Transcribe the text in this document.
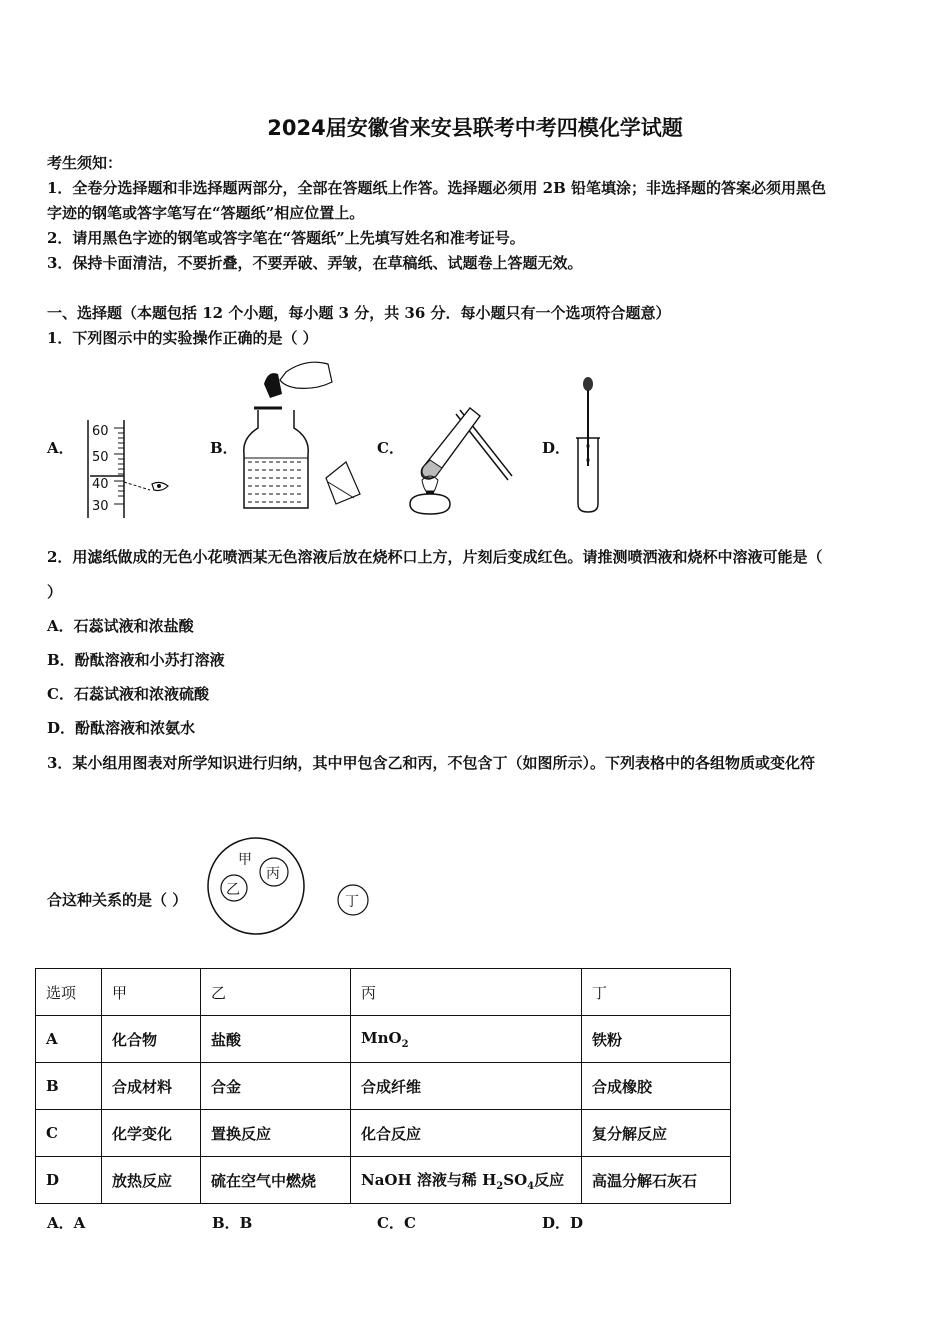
2024届安徽省来安县联考中考四模化学试题
考生须知：
1．全卷分选择题和非选择题两部分，全部在答题纸上作答。选择题必须用 2B 铅笔填涂；非选择题的答案必须用黑色
字迹的钢笔或答字笔写在“答题纸”相应位置上。
2．请用黑色字迹的钢笔或答字笔在“答题纸”上先填写姓名和准考证号。
3．保持卡面清洁，不要折叠，不要弄破、弄皱，在草稿纸、试题卷上答题无效。
一、选择题（本题包括 12 个小题，每小题 3 分，共 36 分．每小题只有一个选项符合题意）
1．下列图示中的实验操作正确的是（ ）
A．	B．	C．	D．
60
50
40
30
2．用滤纸做成的无色小花喷洒某无色溶液后放在烧杯口上方，片刻后变成红色。请推测喷洒液和烧杯中溶液可能是（
）
A．石蕊试液和浓盐酸
B．酚酞溶液和小苏打溶液
C．石蕊试液和浓液硫酸
D．酚酞溶液和浓氨水
3．某小组用图表对所学知识进行归纳，其中甲包含乙和丙，不包含丁（如图所示）。下列表格中的各组物质或变化符
合这种关系的是（ ）
甲
乙
丙
丁
选项	甲	乙	丙	丁
A	化合物	盐酸	MnO$_2$	铁粉
B	合成材料	合金	合成纤维	合成橡胶
C	化学变化	置换反应	化合反应	复分解反应
D	放热反应	硫在空气中燃烧	NaOH 溶液与稀 $H_2SO_4$反应	高温分解石灰石
A．A	B．B	C．C	D．D
